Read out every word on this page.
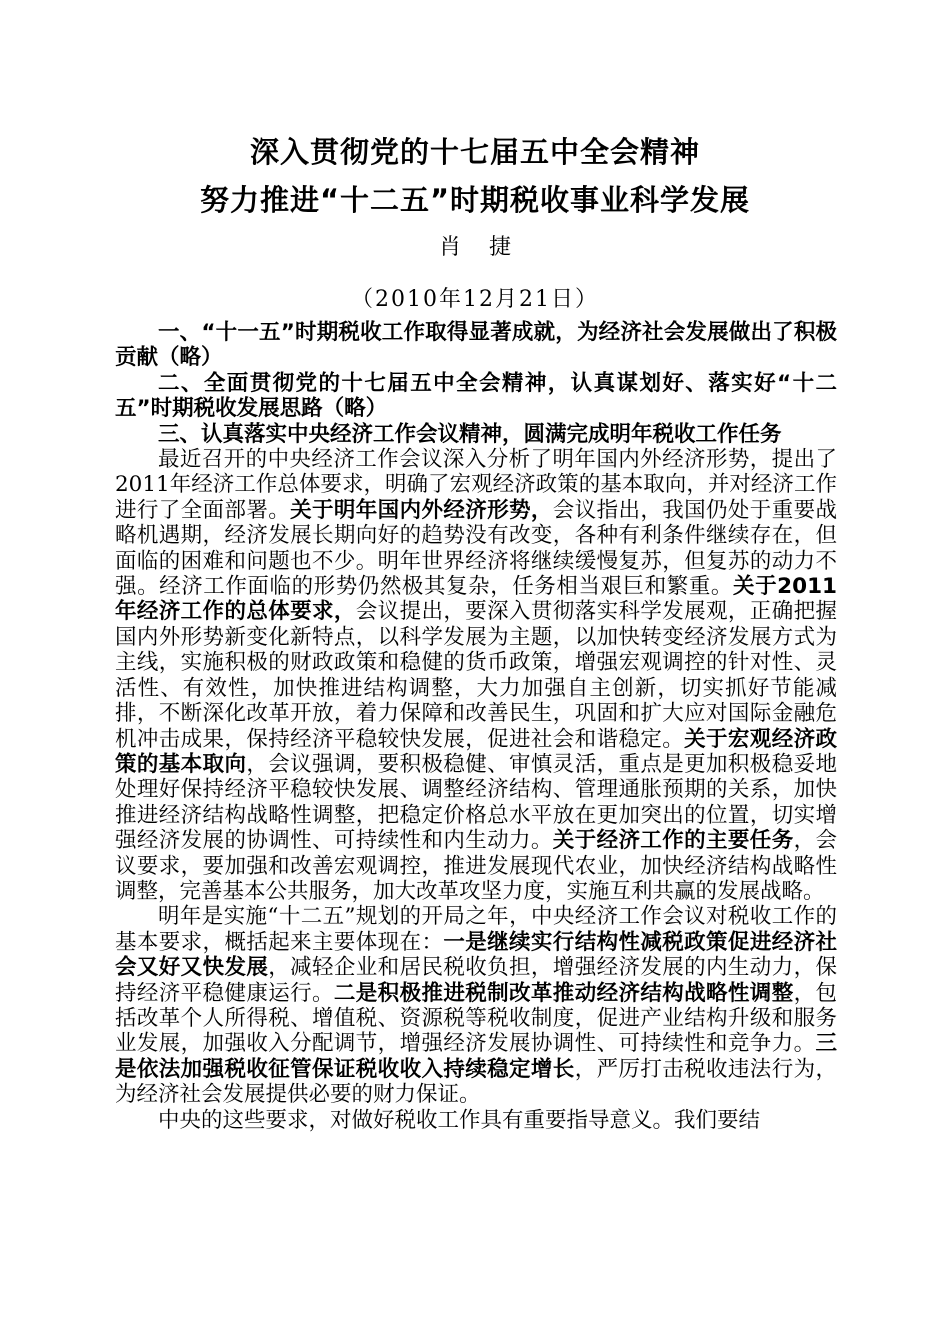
深入贯彻党的十七届五中全会精神
努力推进“十二五”时期税收事业科学发展
肖捷
（2010年12月21日）

一、“十一五”时期税收工作取得显著成就，为经济社会发展做出了积极贡献（略）

二、全面贯彻党的十七届五中全会精神，认真谋划好、落实好“十二五”时期税收发展思路（略）

三、认真落实中央经济工作会议精神，圆满完成明年税收工作任务

最近召开的中央经济工作会议深入分析了明年国内外经济形势，提出了2011年经济工作总体要求，明确了宏观经济政策的基本取向，并对经济工作进行了全面部署。关于明年国内外经济形势，会议指出，我国仍处于重要战略机遇期，经济发展长期向好的趋势没有改变，各种有利条件继续存在，但面临的困难和问题也不少。明年世界经济将继续缓慢复苏，但复苏的动力不强。经济工作面临的形势仍然极其复杂，任务相当艰巨和繁重。关于2011年经济工作的总体要求，会议提出，要深入贯彻落实科学发展观，正确把握国内外形势新变化新特点，以科学发展为主题，以加快转变经济发展方式为主线，实施积极的财政政策和稳健的货币政策，增强宏观调控的针对性、灵活性、有效性，加快推进结构调整，大力加强自主创新，切实抓好节能减排，不断深化改革开放，着力保障和改善民生，巩固和扩大应对国际金融危机冲击成果，保持经济平稳较快发展，促进社会和谐稳定。关于宏观经济政策的基本取向，会议强调，要积极稳健、审慎灵活，重点是更加积极稳妥地处理好保持经济平稳较快发展、调整经济结构、管理通胀预期的关系，加快推进经济结构战略性调整，把稳定价格总水平放在更加突出的位置，切实增强经济发展的协调性、可持续性和内生动力。关于经济工作的主要任务，会议要求，要加强和改善宏观调控，推进发展现代农业，加快经济结构战略性调整，完善基本公共服务，加大改革攻坚力度，实施互利共赢的发展战略。

明年是实施“十二五”规划的开局之年，中央经济工作会议对税收工作的基本要求，概括起来主要体现在：一是继续实行结构性减税政策促进经济社会又好又快发展，减轻企业和居民税收负担，增强经济发展的内生动力，保持经济平稳健康运行。二是积极推进税制改革推动经济结构战略性调整，包括改革个人所得税、增值税、资源税等税收制度，促进产业结构升级和服务业发展，加强收入分配调节，增强经济发展协调性、可持续性和竞争力。三是依法加强税收征管保证税收收入持续稳定增长，严厉打击税收违法行为，为经济社会发展提供必要的财力保证。

中央的这些要求，对做好税收工作具有重要指导意义。我们要结
